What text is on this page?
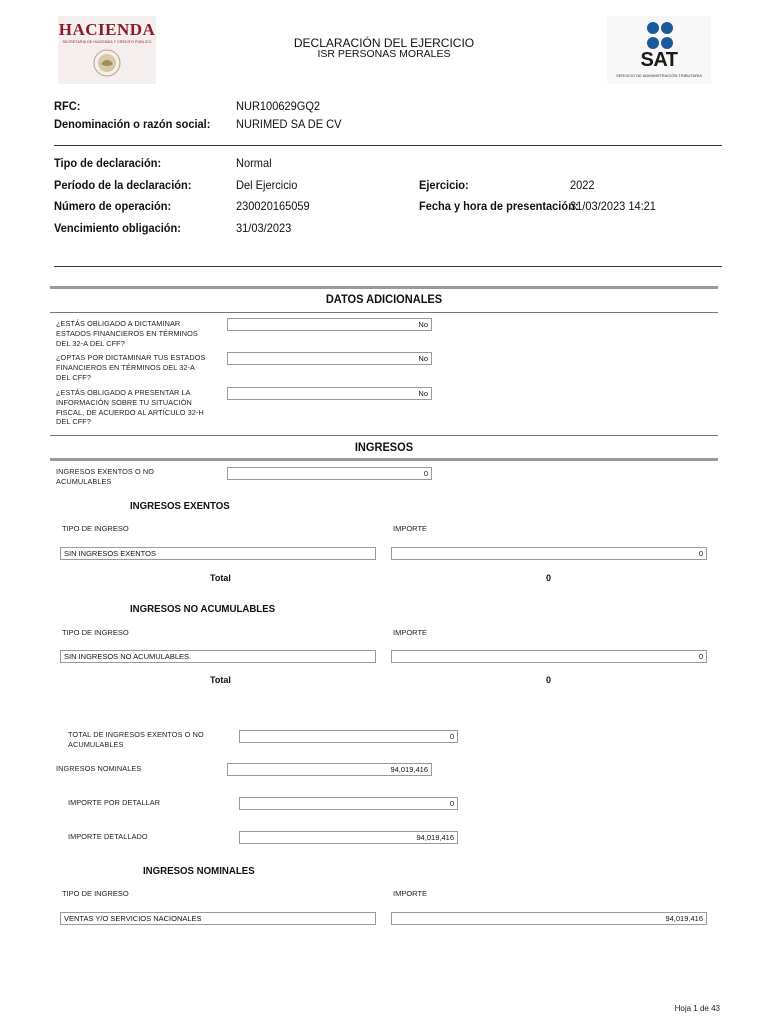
HACIENDA
SECRETARÍA DE HACIENDA Y CRÉDITO PÚBLICO	DECLARACIÓN DEL EJERCICIO
ISR PERSONAS MORALES	SAT
SERVICIO DE ADMINISTRACIÓN TRIBUTARIA
RFC:	NUR100629GQ2
Denominación o razón social: NURIMED SA DE CV
Tipo de declaración:	Normal
Período de la declaración:	Del Ejercicio	Ejercicio:	2022
Número de operación:	230020165059	Fecha y hora de presentación:
31/03/2023 14:21
Vencimiento obligación:	31/03/2023
DATOS ADICIONALES
¿ESTÁS OBLIGADO A DICTAMINAR
ESTADOS FINANCIEROS EN TÉRMINOS
DEL 32-A DEL CFF?
No
¿OPTAS POR DICTAMINAR TUS ESTADOS
FINANCIEROS EN TÉRMINOS DEL 32-A
DEL CFF?
No
¿ESTÁS OBLIGADO A PRESENTAR LA
INFORMACIÓN SOBRE TU SITUACIÓN
FISCAL, DE ACUERDO AL ARTÍCULO 32-H
DEL CFF?
No
INGRESOS
INGRESOS EXENTOS O NO
ACUMULABLES
0
INGRESOS EXENTOS
TIPO DE INGRESO	IMPORTE
SIN INGRESOS EXENTOS	0
Total	0
INGRESOS NO ACUMULABLES
TIPO DE INGRESO	IMPORTE
SIN INGRESOS NO ACUMULABLES.	0
Total	0
TOTAL DE INGRESOS EXENTOS O NO
ACUMULABLES
0
INGRESOS NOMINALES	94,019,416
IMPORTE POR DETALLAR	0
IMPORTE DETALLADO	94,019,416
INGRESOS NOMINALES
TIPO DE INGRESO	IMPORTE
VENTAS Y/O SERVICIOS NACIONALES	94,019,416
Hoja 1 de 43
